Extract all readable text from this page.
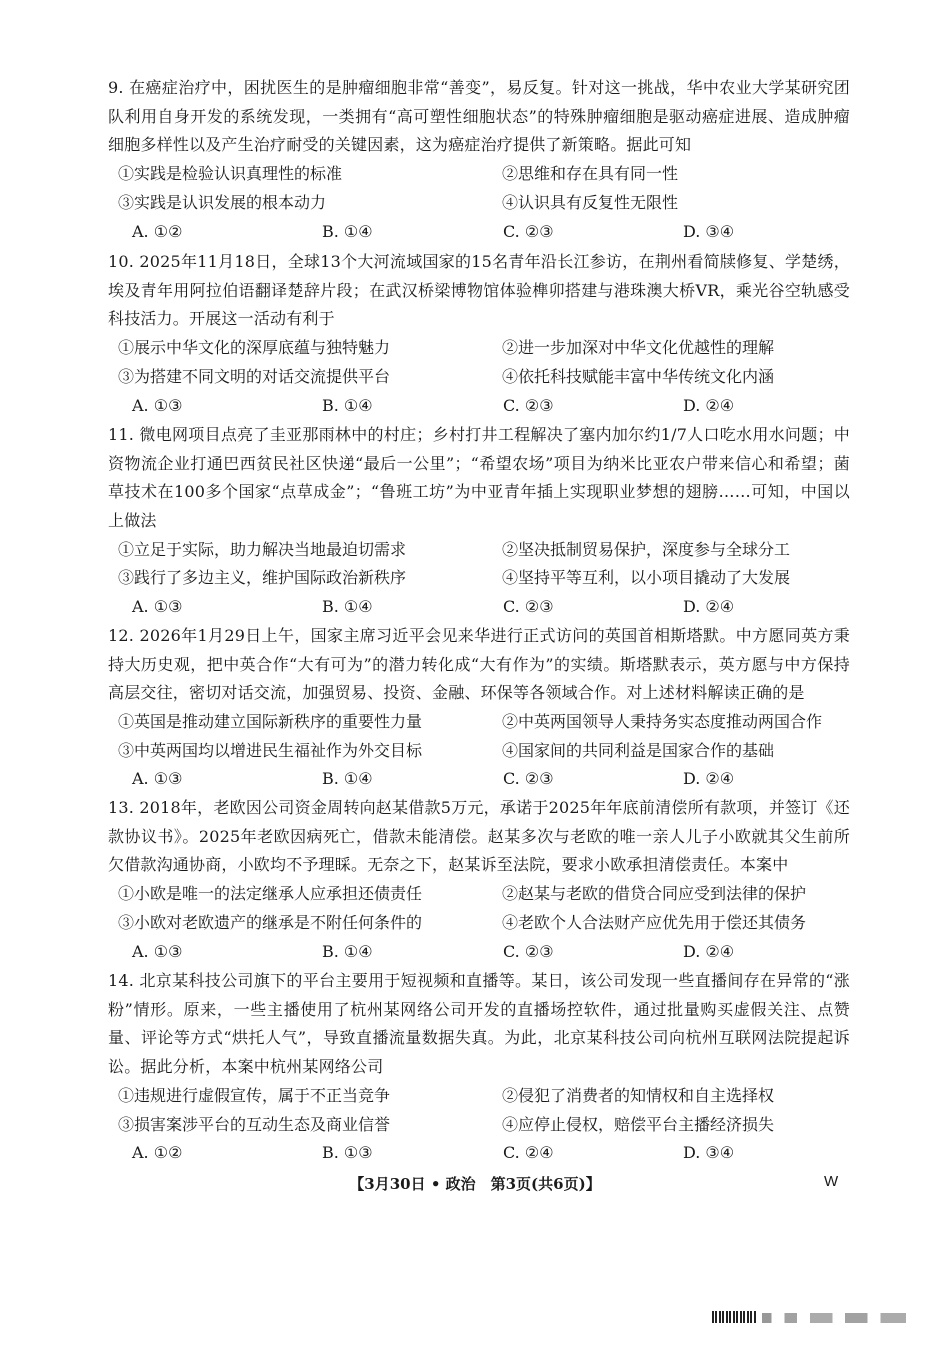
9. 在癌症治疗中，困扰医生的是肿瘤细胞非常“善变”，易反复。针对这一挑战，华中农业大学某研究团队利用自身开发的系统发现，一类拥有“高可塑性细胞状态”的特殊肿瘤细胞是驱动癌症进展、造成肿瘤细胞多样性以及产生治疗耐受的关键因素，这为癌症治疗提供了新策略。据此可知

①实践是检验认识真理性的标准	②思维和存在具有同一性
③实践是认识发展的根本动力	④认识具有反复性无限性
A. ①②	B. ①④	C. ②③	D. ③④

10. 2025年11月18日，全球13个大河流域国家的15名青年沿长江参访，在荆州看简牍修复、学楚绣，埃及青年用阿拉伯语翻译楚辞片段；在武汉桥梁博物馆体验榫卯搭建与港珠澳大桥VR，乘光谷空轨感受科技活力。开展这一活动有利于

①展示中华文化的深厚底蕴与独特魅力	②进一步加深对中华文化优越性的理解
③为搭建不同文明的对话交流提供平台	④依托科技赋能丰富中华传统文化内涵
A. ①③	B. ①④	C. ②③	D. ②④

11. 微电网项目点亮了圭亚那雨林中的村庄；乡村打井工程解决了塞内加尔约1/7人口吃水用水问题；中资物流企业打通巴西贫民社区快递“最后一公里”；“希望农场”项目为纳米比亚农户带来信心和希望；菌草技术在100多个国家“点草成金”；“鲁班工坊”为中亚青年插上实现职业梦想的翅膀……可知，中国以上做法

①立足于实际，助力解决当地最迫切需求	②坚决抵制贸易保护，深度参与全球分工
③践行了多边主义，维护国际政治新秩序	④坚持平等互利，以小项目撬动了大发展
A. ①③	B. ①④	C. ②③	D. ②④

12. 2026年1月29日上午，国家主席习近平会见来华进行正式访问的英国首相斯塔默。中方愿同英方秉持大历史观，把中英合作“大有可为”的潜力转化成“大有作为”的实绩。斯塔默表示，英方愿与中方保持高层交往，密切对话交流，加强贸易、投资、金融、环保等各领域合作。对上述材料解读正确的是

①英国是推动建立国际新秩序的重要性力量	②中英两国领导人秉持务实态度推动两国合作
③中英两国均以增进民生福祉作为外交目标	④国家间的共同利益是国家合作的基础
A. ①③	B. ①④	C. ②③	D. ②④

13. 2018年，老欧因公司资金周转向赵某借款5万元，承诺于2025年年底前清偿所有款项，并签订《还款协议书》。2025年老欧因病死亡，借款未能清偿。赵某多次与老欧的唯一亲人儿子小欧就其父生前所欠借款沟通协商，小欧均不予理睬。无奈之下，赵某诉至法院，要求小欧承担清偿责任。本案中

①小欧是唯一的法定继承人应承担还债责任	②赵某与老欧的借贷合同应受到法律的保护
③小欧对老欧遗产的继承是不附任何条件的	④老欧个人合法财产应优先用于偿还其债务
A. ①③	B. ①④	C. ②③	D. ②④

14. 北京某科技公司旗下的平台主要用于短视频和直播等。某日，该公司发现一些直播间存在异常的“涨粉”情形。原来，一些主播使用了杭州某网络公司开发的直播场控软件，通过批量购买虚假关注、点赞量、评论等方式“烘托人气”，导致直播流量数据失真。为此，北京某科技公司向杭州互联网法院提起诉讼。据此分析，本案中杭州某网络公司

①违规进行虚假宣传，属于不正当竞争	②侵犯了消费者的知情权和自主选择权
③损害案涉平台的互动生态及商业信誉	④应停止侵权，赔偿平台主播经济损失
A. ①②	B. ①③	C. ②④	D. ③④
【3月30日 • 政治　第3页(共6页)】	W
